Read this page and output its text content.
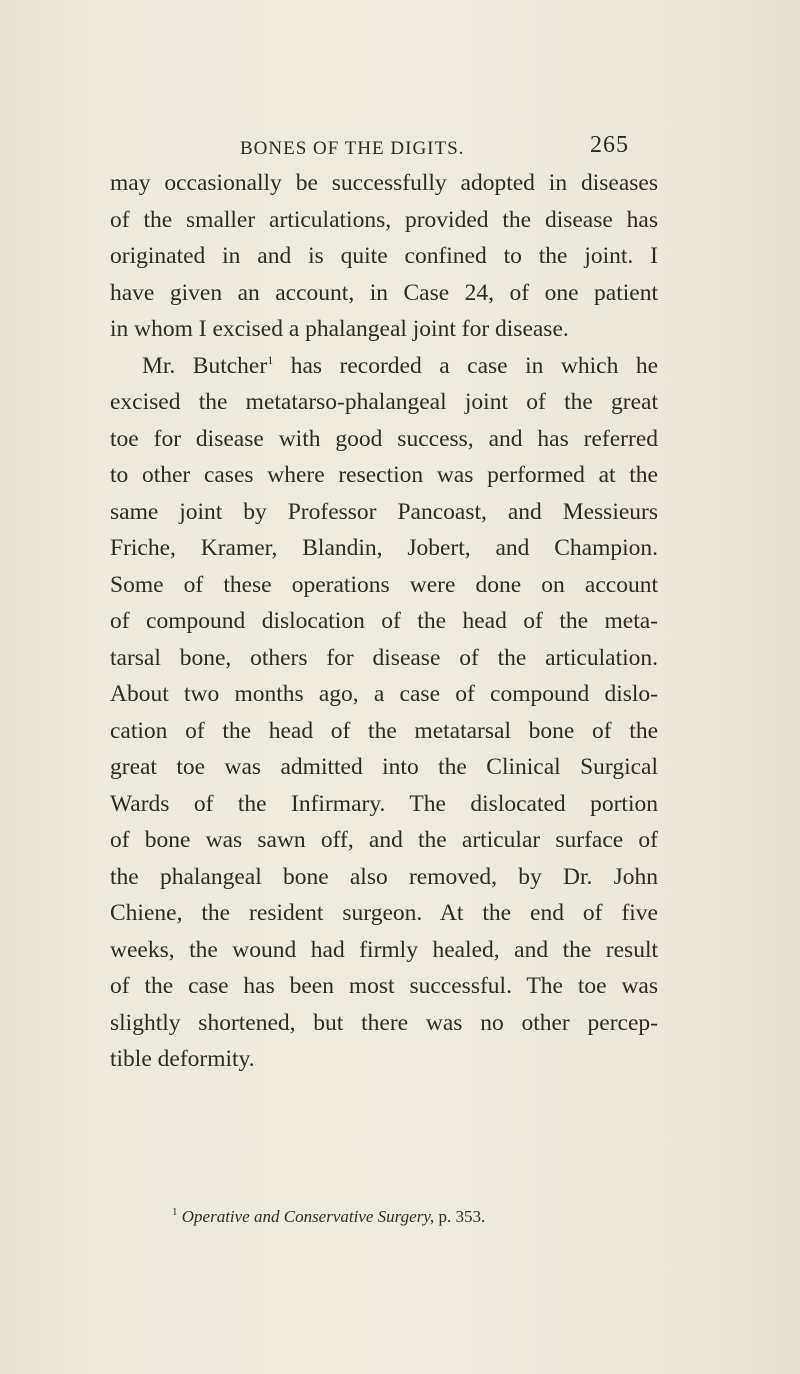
BONES OF THE DIGITS.	265
may occasionally be successfully adopted in diseases
of the smaller articulations, provided the disease has
originated in and is quite confined to the joint. I
have given an account, in Case 24, of one patient
in whom I excised a phalangeal joint for disease.
Mr. Butcher$^1$ has recorded a case in which he
excised the metatarso-phalangeal joint of the great
toe for disease with good success, and has referred
to other cases where resection was performed at the
same joint by Professor Pancoast, and Messieurs
Friche, Kramer, Blandin, Jobert, and Champion.
Some of these operations were done on account
of compound dislocation of the head of the meta-
tarsal bone, others for disease of the articulation.
About two months ago, a case of compound dislo-
cation of the head of the metatarsal bone of the
great toe was admitted into the Clinical Surgical
Wards of the Infirmary. The dislocated portion
of bone was sawn off, and the articular surface of
the phalangeal bone also removed, by Dr. John
Chiene, the resident surgeon. At the end of five
weeks, the wound had firmly healed, and the result
of the case has been most successful. The toe was
slightly shortened, but there was no other percep-
tible deformity.
$^1$ Operative and Conservative Surgery, p. 353.
